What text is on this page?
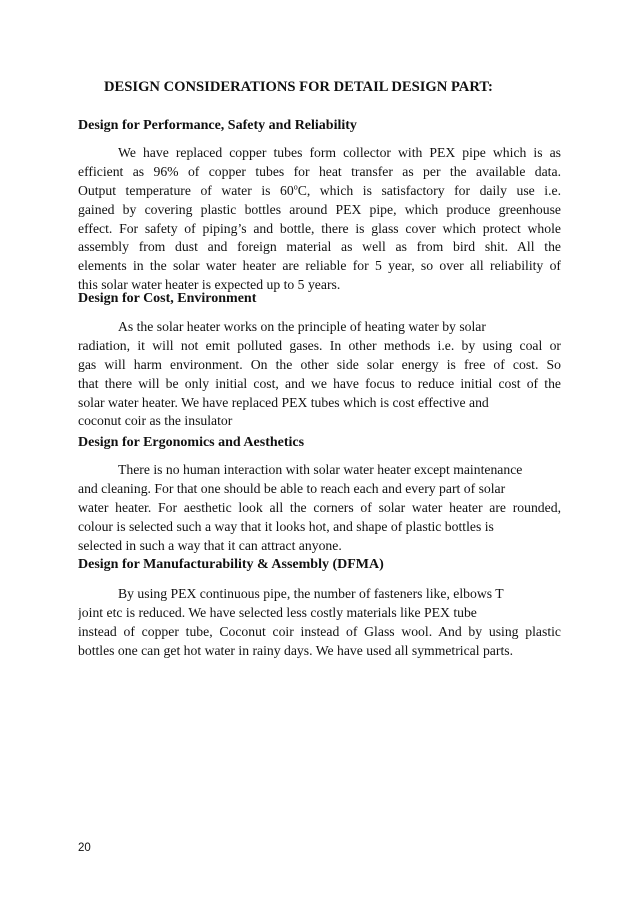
DESIGN CONSIDERATIONS FOR DETAIL DESIGN PART:
Design for Performance, Safety and Reliability
We have replaced copper tubes form collector with PEX pipe which is as
efficient as 96% of copper tubes for heat transfer as per the available data.
Output temperature of water is 60$^o$C, which is satisfactory for daily use i.e.
gained by covering plastic bottles around PEX pipe, which produce greenhouse
effect. For safety of piping’s and bottle, there is glass cover which protect whole
assembly from dust and foreign material as well as from bird shit. All the
elements in the solar water heater are reliable for 5 year, so over all reliability of
this solar water heater is expected up to 5 years.
Design for Cost, Environment
As the solar heater works on the principle of heating water by solar
radiation, it will not emit polluted gases. In other methods i.e. by using coal or
gas will harm environment. On the other side solar energy is free of cost. So
that there will be only initial cost, and we have focus to reduce initial cost of the
solar water heater. We have replaced PEX tubes which is cost effective and
coconut coir as the insulator
Design for Ergonomics and Aesthetics
There is no human interaction with solar water heater except maintenance
and cleaning. For that one should be able to reach each and every part of solar
water heater. For aesthetic look all the corners of solar water heater are rounded,
colour is selected such a way that it looks hot, and shape of plastic bottles is
selected in such a way that it can attract anyone.
Design for Manufacturability & Assembly (DFMA)
By using PEX continuous pipe, the number of fasteners like, elbows T
joint etc is reduced. We have selected less costly materials like PEX tube
instead of copper tube, Coconut coir instead of Glass wool. And by using plastic
bottles one can get hot water in rainy days. We have used all symmetrical parts.

20
